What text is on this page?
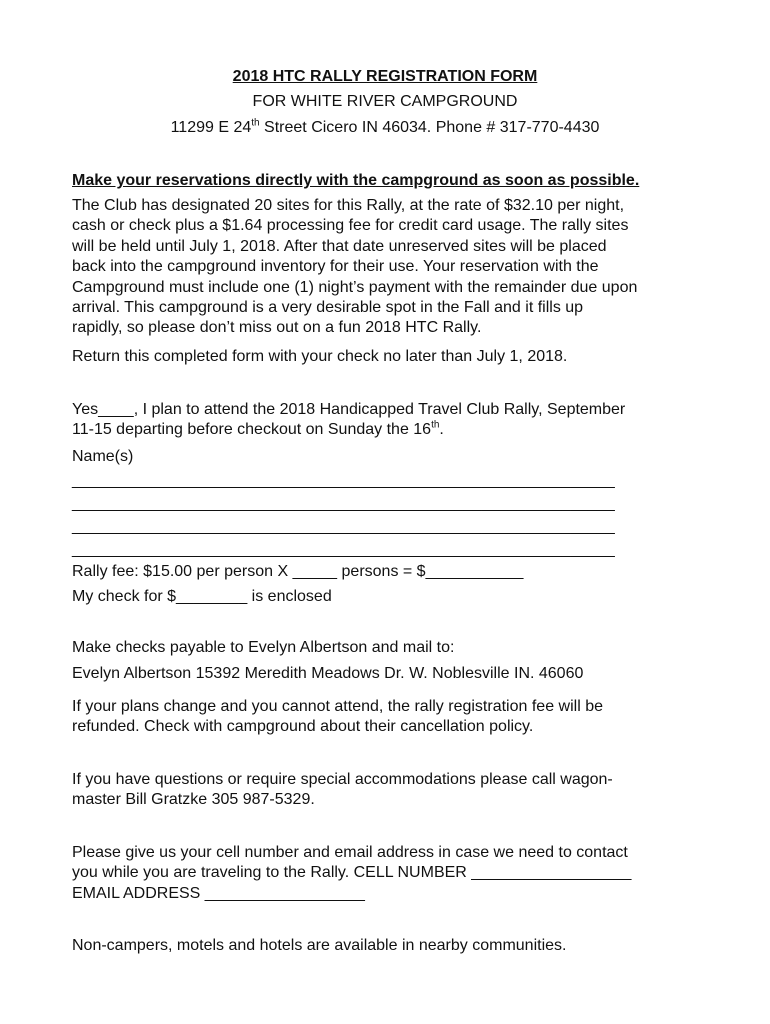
2018 HTC RALLY REGISTRATION FORM

FOR WHITE RIVER CAMPGROUND

11299 E 24th Street Cicero IN 46034. Phone # 317-770-4430

Make your reservations directly with the campground as soon as possible.

The Club has designated 20 sites for this Rally, at the rate of $32.10 per night,
cash or check plus a $1.64 processing fee for credit card usage. The rally sites
will be held until July 1, 2018. After that date unreserved sites will be placed
back into the campground inventory for their use. Your reservation with the
Campground must include one (1) night’s payment with the remainder due upon
arrival. This campground is a very desirable spot in the Fall and it fills up
rapidly, so please don’t miss out on a fun 2018 HTC Rally.

Return this completed form with your check no later than July 1, 2018.

Yes____, I plan to attend the 2018 Handicapped Travel Club Rally, September
11-15 departing before checkout on Sunday the 16th.

Name(s)

_____________________________________________________________
_____________________________________________________________
_____________________________________________________________
_____________________________________________________________

Rally fee: $15.00 per person X _____ persons = $___________

My check for $________ is enclosed

Make checks payable to Evelyn Albertson and mail to:

Evelyn Albertson 15392 Meredith Meadows Dr. W. Noblesville IN. 46060

If your plans change and you cannot attend, the rally registration fee will be
refunded. Check with campground about their cancellation policy.
If you have questions or require special accommodations please call wagon-
master Bill Gratzke 305 987-5329.
Please give us your cell number and email address in case we need to contact
you while you are traveling to the Rally. CELL NUMBER __________________
EMAIL ADDRESS __________________

Non-campers, motels and hotels are available in nearby communities.
